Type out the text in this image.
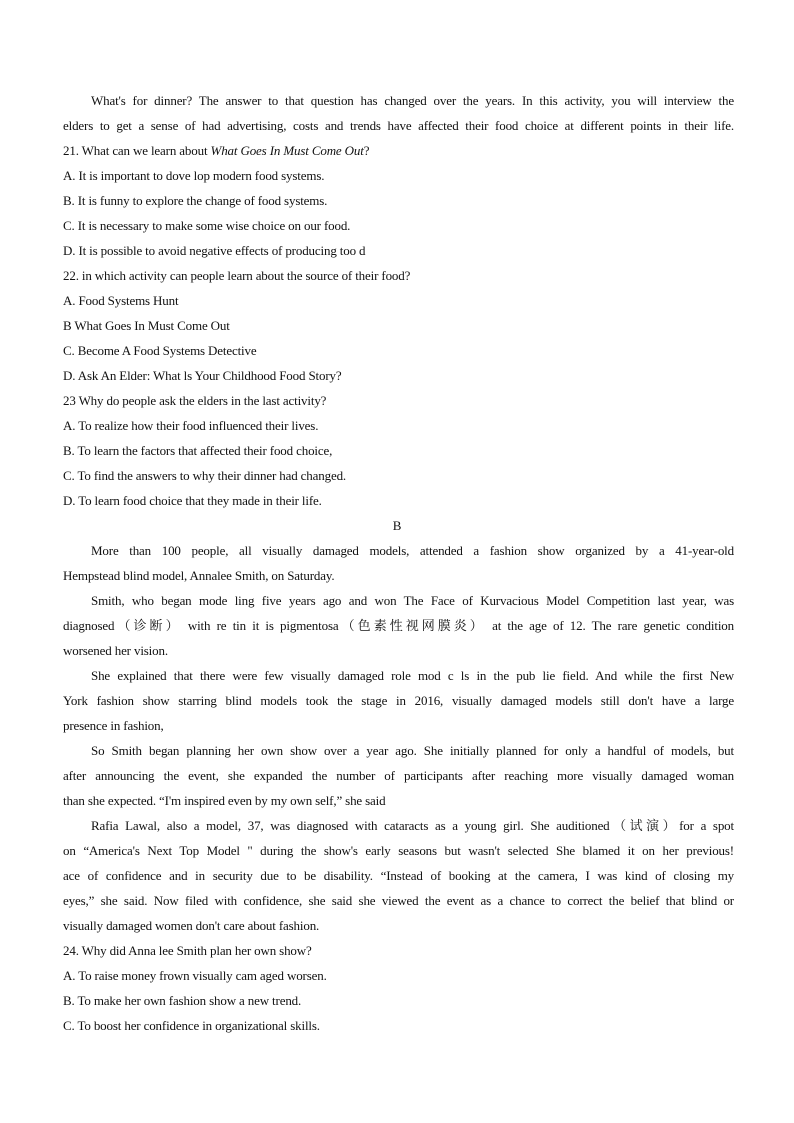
What's for dinner? The answer to that question has changed over the years. In this activity, you will interview the
elders to get a sense of had advertising, costs and trends have affected their food choice at different points in their life.
21. What can we learn about What Goes In Must Come Out?
A. It is important to dove lop modern food systems.
B. It is funny to explore the change of food systems.
C. It is necessary to make some wise choice on our food.
D. It is possible to avoid negative effects of producing too d
22. in which activity can people learn about the source of their food?
A. Food Systems Hunt
B What Goes In Must Come Out
C. Become A Food Systems Detective
D. Ask An Elder: What ls Your Childhood Food Story?
23 Why do people ask the elders in the last activity?
A. To realize how their food influenced their lives.
B. To learn the factors that affected their food choice,
C. To find the answers to why their dinner had changed.
D. To learn food choice that they made in their life.
B
More than 100 people, all visually damaged models, attended a fashion show organized by a 41-year-old
Hempstead blind model, Annalee Smith, on Saturday.
Smith, who began mode ling five years ago and won The Face of Kurvacious Model Competition last year, was
diagnosed（诊断） with re tin it is pigmentosa（色素性视网膜炎） at the age of 12. The rare genetic condition
worsened her vision.
She explained that there were few visually damaged role mod c ls in the pub lie field. And while the first New
York fashion show starring blind models took the stage in 2016, visually damaged models still don't have a large
presence in fashion,
So Smith began planning her own show over a year ago. She initially planned for only a handful of models, but
after announcing the event, she expanded the number of participants after reaching more visually damaged woman
than she expected. “I'm inspired even by my own self,” she said
Rafia Lawal, also a model, 37, was diagnosed with cataracts as a young girl. She auditioned（试演）for a spot
on “America's Next Top Model " during the show's early seasons but wasn't selected She blamed it on her previous!
ace of confidence and in security due to be disability. “Instead of booking at the camera, I was kind of closing my
eyes,” she said. Now filed with confidence, she said she viewed the event as a chance to correct the belief that blind or
visually damaged women don't care about fashion.
24. Why did Anna lee Smith plan her own show?
A. To raise money frown visually cam aged worsen.
B. To make her own fashion show a new trend.
C. To boost her confidence in organizational skills.
